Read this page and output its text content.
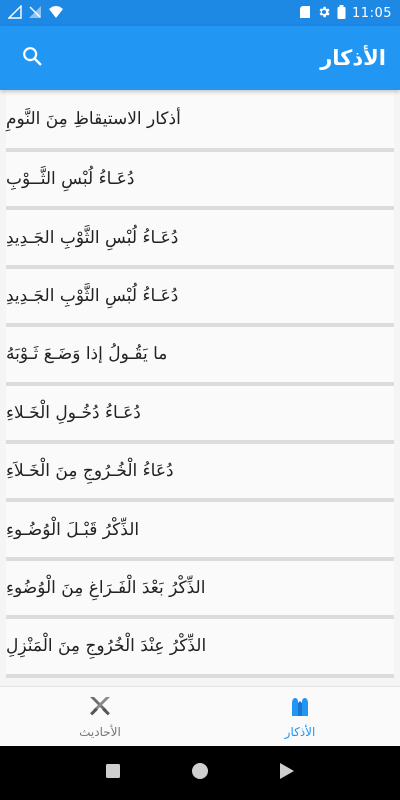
11:05
الأذكار
أذكار الاستيقاظِ مِنَ النَّومِ
دُعَـاءُ لُبْسِ الثَّــوْبِ
دُعَـاءُ لُبْسِ الثَّوْبِ الجَـدِيدِ
دُعَـاءُ لُبْسِ الثَّوْبِ الجَـدِيدِ
ما يَقُـولُ إذا وَضَـعَ ثَـوْبَهُ
دُعَـاءُ دُخُـولِ الْخَـلاءِ
دُعَاءُ الْخُـرُوجِ مِنَ الْخَـلاَءِ
الذِّكْرُ قَبْـلَ الْوُضُـوءِ
الذِّكْرُ بَعْدَ الْفَـرَاغِ مِنَ الْوُضُوءِ
الذِّكْرُ عِنْدَ الْخُرُوجِ مِنَ الْمَنْزِلِ
الأحاديث	الأذكار
